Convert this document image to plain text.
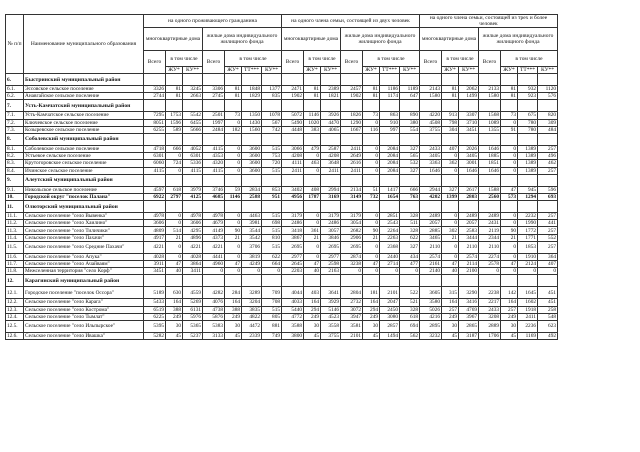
№ п/п	Наименование муниципального образования	на одного проживающего гражданина							на одного члена семьи, состоящей из двух человек							на одного члена семьи, состоящей из трех и более человек						
		многоквартирные дома			жилые дома индивидуального жилищного фонда				многоквартирные дома			жилые дома индивидуального жилищного фонда				многоквартирные дома			жилые дома индивидуального жилищного фонда			
		Всего	в том числе		Всего	в том числе			Всего	в том числе		Всего	в том числе			Всего	в том числе		Всего	в том числе		
			ЖУ*	КУ**		ЖУ*	ТТ***	КУ**		ЖУ*	КУ**		ЖУ*	ТТ***	КУ**		ЖУ*	КУ**		ЖУ*	ТТ***	КУ**
6.	Быстринский муниципальный район																					
6.1.	Эссовское сельское поселение	3326	81	3245	3306	81	1848	1377	2471	81	2389	2457	81	1186	1189	2143	81	2062	2133	81	932	1120
6.2.	Анавгайское сельское поселение	2744	81	2663	2745	81	1829	835	1902	81	1821	1902	81	1174	647	1580	81	1499	1580	81	923	576
7.	Усть-Камчатский муниципальный район																					
7.1.	Усть-Камчатское сельское поселение	7295	1753	5542	2501	73	1350	1078	5072	1146	3926	1826	73	863	890	4220	913	3307	1568	73	675	820
7.2.	Ключевское сельское поселение	8051	1596	6455	1997	0	1430	567	5490	1020	4470	1290	0	910	380	4508	798	3710	1089	0	780	309
7.3.	Козыревское сельское поселение	6255	589	5666	2484	182	1560	742	4448	383	4065	1667	116	997	554	3755	304	3451	1355	91	780	484
8.	Соболевский муниципальный район																					
8.1.	Соболевское сельское поселение	4718	666	4052	4115	0	3600	515	3066	479	2587	2411	0	2084	327	2433	407	2026	1646	0	1389	257
8.2.	Устьевое сельское поселение	6301	0	6301	4353	0	3600	753	4208	0	4208	2649	0	2084	565	3405	0	3405	1885	0	1389	496
8.3.	Крутогоровское сельское поселение	6060	724	5336	4320	0	3600	720	4111	463	3648	2616	0	2084	532	3363	362	3001	1851	0	1389	462
8.4.	Ичинское сельское поселение	4115	0	4115	4115	0	3600	515	2411	0	2411	2411	0	2084	327	1646	0	1646	1646	0	1389	257
9.	Алеутский муниципальный район																					
9.1.	Никольское сельское поселение	4597	618	3979	3746	59	2834	853	3402	408	2994	2134	51	1417	666	2944	327	2617	1588	47	945	596
10.	Городской округ "поселок Палана"	6922	2797	4125	4685	1146	2588	951	4956	1787	3169	3149	732	1654	763	4202	1399	2803	2560	573	1294	693
11.	Олюторский муниципальный район																					
11.1.	Сельское поселение "село Вывенка"	4978	0	4978	4978	0	4463	515	3179	0	3179	3179	0	2851	328	2489	0	2489	2489	0	2232	257
11.2.	Сельское поселение "село Хаилино"	3606	0	3606	4679	0	3981	698	2486	0	2486	3054	0	2543	511	2057	0	2057	2431	0	1990	441
11.3.	Сельское поселение "село Тиличики"	4809	514	4295	4149	90	3544	515	3418	361	3057	2682	90	2264	328	2885	302	2583	2119	90	1772	257
11.4.	Сельское поселение "село Пахачи"	4917	21	4896	4373	21	3542	810	3867	21	3846	2906	21	2263	622	3465	21	3444	2344	21	1771	552
11.5.	Сельское поселение "село Средние Пахачи"	4221	0	4221	4221	0	3706	515	2695	0	2695	2695	0	2368	327	2110	0	2110	2110	0	1853	257
11.6.	Сельское поселение "село Апука"	4028	0	4028	4441	0	3819	622	2977	0	2977	2874	0	2440	434	2574	0	2574	2274	0	1910	364
11.7.	Сельское поселение "село Ачайваям"	3911	47	3864	4960	47	4249	664	2645	47	2598	3238	47	2714	477	2161	47	2114	2578	47	2124	407
11.8.	Межселенная территория "село Корф"	3451	40	3411	0	0	0	0	2203	40	2163	0	0	0	0	2140	40	2100	0	0	0	0
12.	Карагинский муниципальный район																					
12.1.	Городское поселение "поселок Оссора"	5189	630	4559	4282	284	3289	709	4044	403	3641	2804	181	2101	522	3605	315	3290	2238	142	1645	451
12.2.	Сельское поселение "село Карага"	5433	164	5269	4076	164	3204	708	4033	164	3929	2732	164	2047	521	3580	164	3416	2217	164	1602	451
12.3.	Сельское поселение "село Кострома"	6519	388	6131	4738	388	3835	515	5440	294	5146	3072	294	2450	328	5026	257	4769	2433	257	1918	258
12.4.	Сельское поселение "село Тымлат"	6225	249	5976	5876	249	4822	805	4772	249	4523	3947	249	3080	618	4216	249	3967	3208	249	2411	548
12.5.	Сельское поселение "село Ильпырское"	5395	30	5365	5383	30	4472	881	3588	30	3558	3581	30	2857	694	2895	30	2865	2889	30	2236	623
12.6.	Сельское поселение "село Ивашка"	5282	45	5237	3133	45	2339	749	3800	45	3755	2101	45	1494	562	3232	45	3187	1706	45	1169	492
